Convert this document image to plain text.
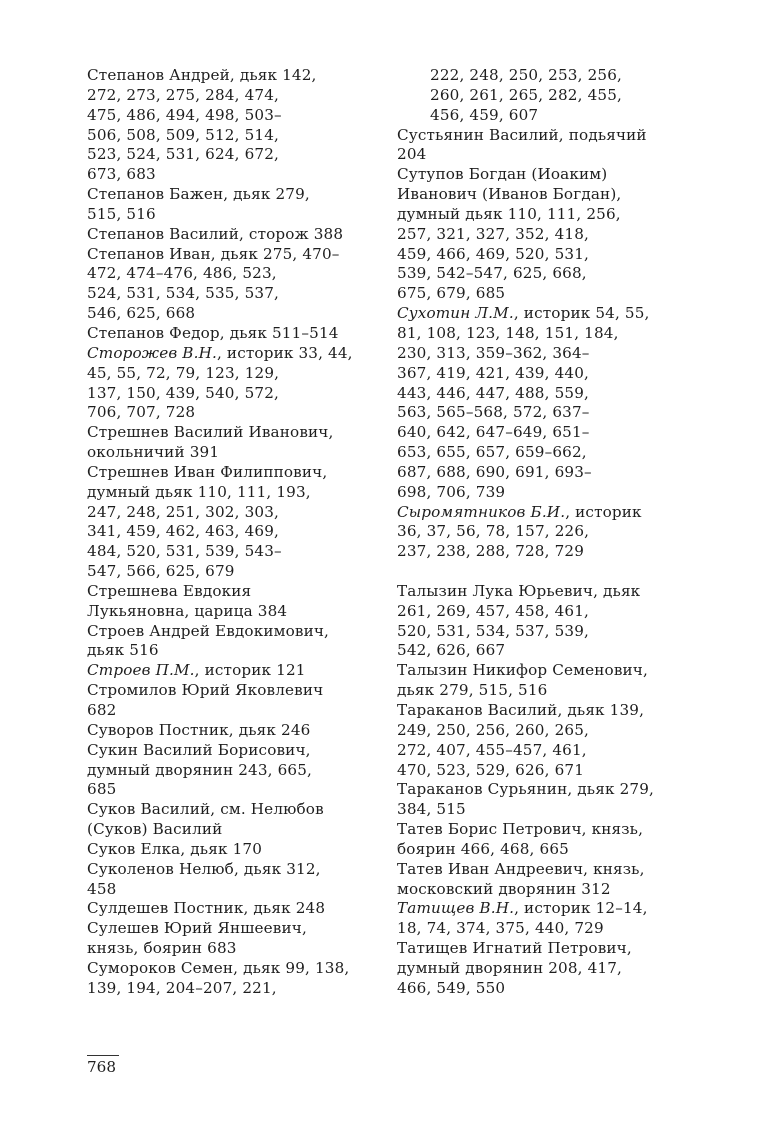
Степанов Андрей, дьяк 142,
272, 273, 275, 284, 474,
475, 486, 494, 498, 503–
506, 508, 509, 512, 514,
523, 524, 531, 624, 672,
673, 683
Степанов Бажен, дьяк 279,
515, 516
Степанов Василий, сторож 388
Степанов Иван, дьяк 275, 470–
472, 474–476, 486, 523,
524, 531, 534, 535, 537,
546, 625, 668
Степанов Федор, дьяк 511–514
Сторожев В.Н., историк 33, 44,
45, 55, 72, 79, 123, 129,
137, 150, 439, 540, 572,
706, 707, 728
Стрешнев Василий Иванович,
окольничий 391
Стрешнев Иван Филиппович,
думный дьяк 110, 111, 193,
247, 248, 251, 302, 303,
341, 459, 462, 463, 469,
484, 520, 531, 539, 543–
547, 566, 625, 679
Стрешнева Евдокия
Лукьяновна, царица 384
Строев Андрей Евдокимович,
дьяк 516
Строев П.М., историк 121
Стромилов Юрий Яковлевич
682
Суворов Постник, дьяк 246
Сукин Василий Борисович,
думный дворянин 243, 665,
685
Суков Василий, см. Нелюбов
(Суков) Василий
Суков Елка, дьяк 170
Суколенов Нелюб, дьяк 312,
458
Сулдешев Постник, дьяк 248
Сулешев Юрий Яншеевич,
князь, боярин 683
Сумороков Семен, дьяк 99, 138,
139, 194, 204–207, 221,
222, 248, 250, 253, 256,
260, 261, 265, 282, 455,
456, 459, 607
Сустьянин Василий, подьячий
204
Сутупов Богдан (Иоаким)
Иванович (Иванов Богдан),
думный дьяк 110, 111, 256,
257, 321, 327, 352, 418,
459, 466, 469, 520, 531,
539, 542–547, 625, 668,
675, 679, 685
Сухотин Л.М., историк 54, 55,
81, 108, 123, 148, 151, 184,
230, 313, 359–362, 364–
367, 419, 421, 439, 440,
443, 446, 447, 488, 559,
563, 565–568, 572, 637–
640, 642, 647–649, 651–
653, 655, 657, 659–662,
687, 688, 690, 691, 693–
698, 706, 739
Сыромятников Б.И., историк
36, 37, 56, 78, 157, 226,
237, 238, 288, 728, 729
Талызин Лука Юрьевич, дьяк
261, 269, 457, 458, 461,
520, 531, 534, 537, 539,
542, 626, 667
Талызин Никифор Семенович,
дьяк 279, 515, 516
Тараканов Василий, дьяк 139,
249, 250, 256, 260, 265,
272, 407, 455–457, 461,
470, 523, 529, 626, 671
Тараканов Сурьянин, дьяк 279,
384, 515
Татев Борис Петрович, князь,
боярин 466, 468, 665
Татев Иван Андреевич, князь,
московский дворянин 312
Татищев В.Н., историк 12–14,
18, 74, 374, 375, 440, 729
Татищев Игнатий Петрович,
думный дворянин 208, 417,
466, 549, 550
768
